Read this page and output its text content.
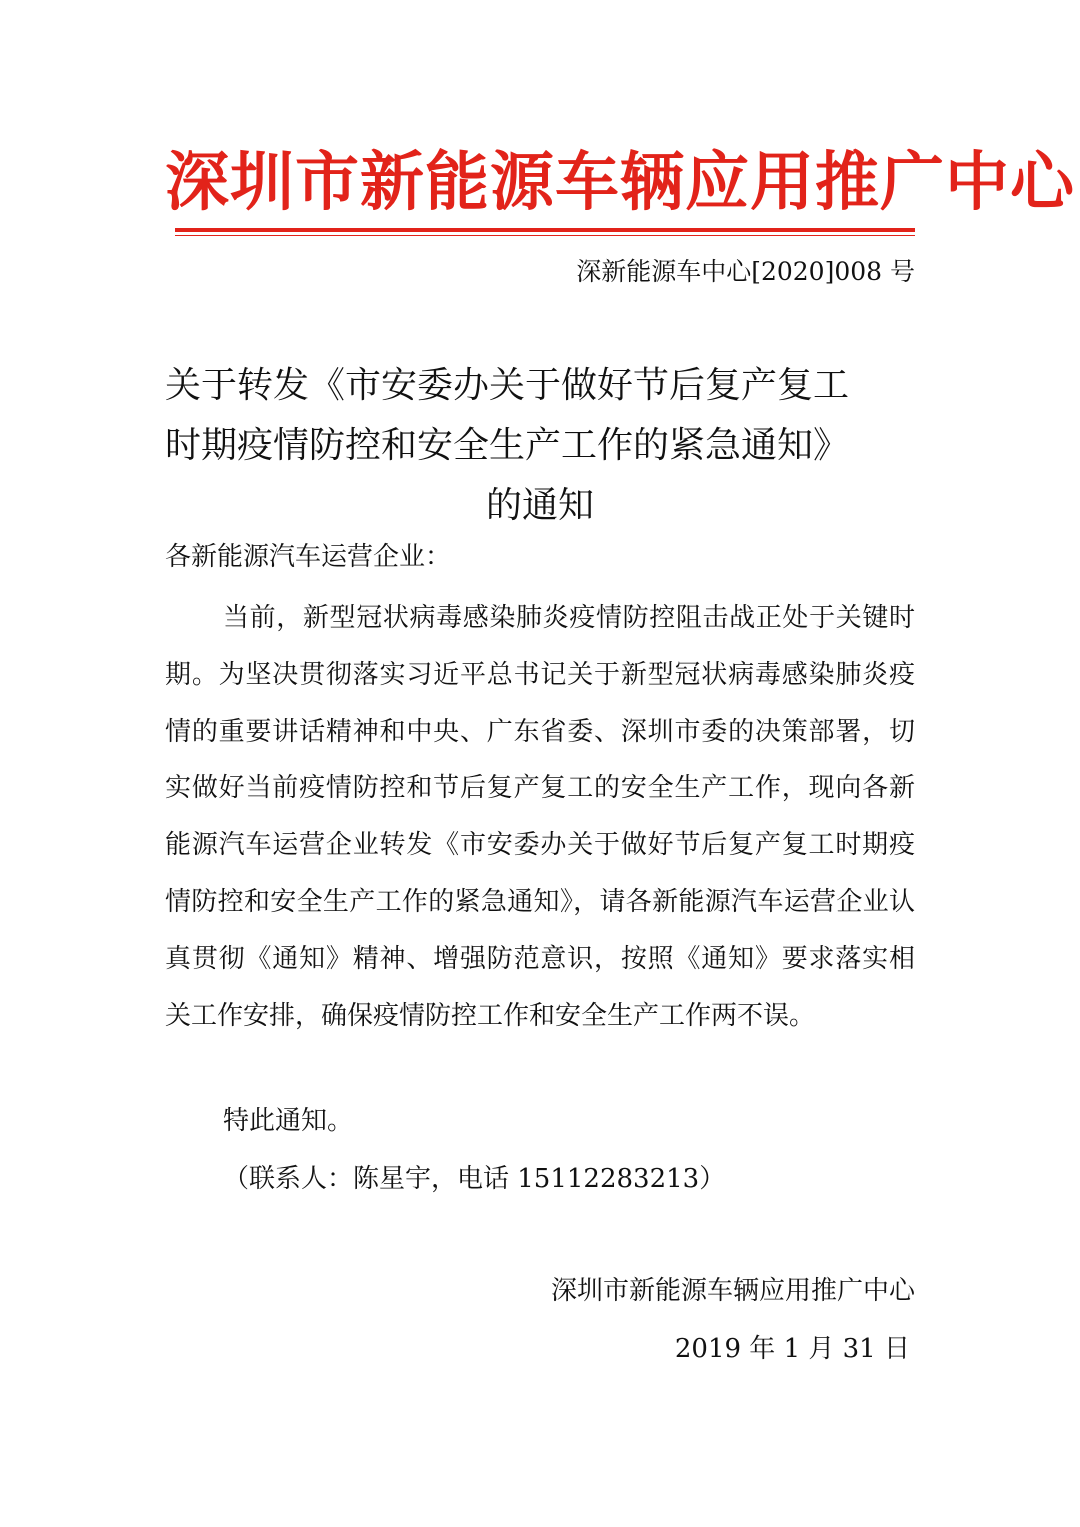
深圳市新能源车辆应用推广中心
深新能源车中心[2020]008 号
关于转发《市安委办关于做好节后复产复工
时期疫情防控和安全生产工作的紧急通知》
的通知
各新能源汽车运营企业：

当前，新型冠状病毒感染肺炎疫情防控阻击战正处于关键时期。为坚决贯彻落实习近平总书记关于新型冠状病毒感染肺炎疫情的重要讲话精神和中央、广东省委、深圳市委的决策部署，切实做好当前疫情防控和节后复产复工的安全生产工作，现向各新能源汽车运营企业转发《市安委办关于做好节后复产复工时期疫情防控和安全生产工作的紧急通知》，请各新能源汽车运营企业认真贯彻《通知》精神、增强防范意识，按照《通知》要求落实相关工作安排，确保疫情防控工作和安全生产工作两不误。

特此通知。
（联系人：陈星宇，电话 15112283213）
深圳市新能源车辆应用推广中心
2019 年 1 月 31 日
